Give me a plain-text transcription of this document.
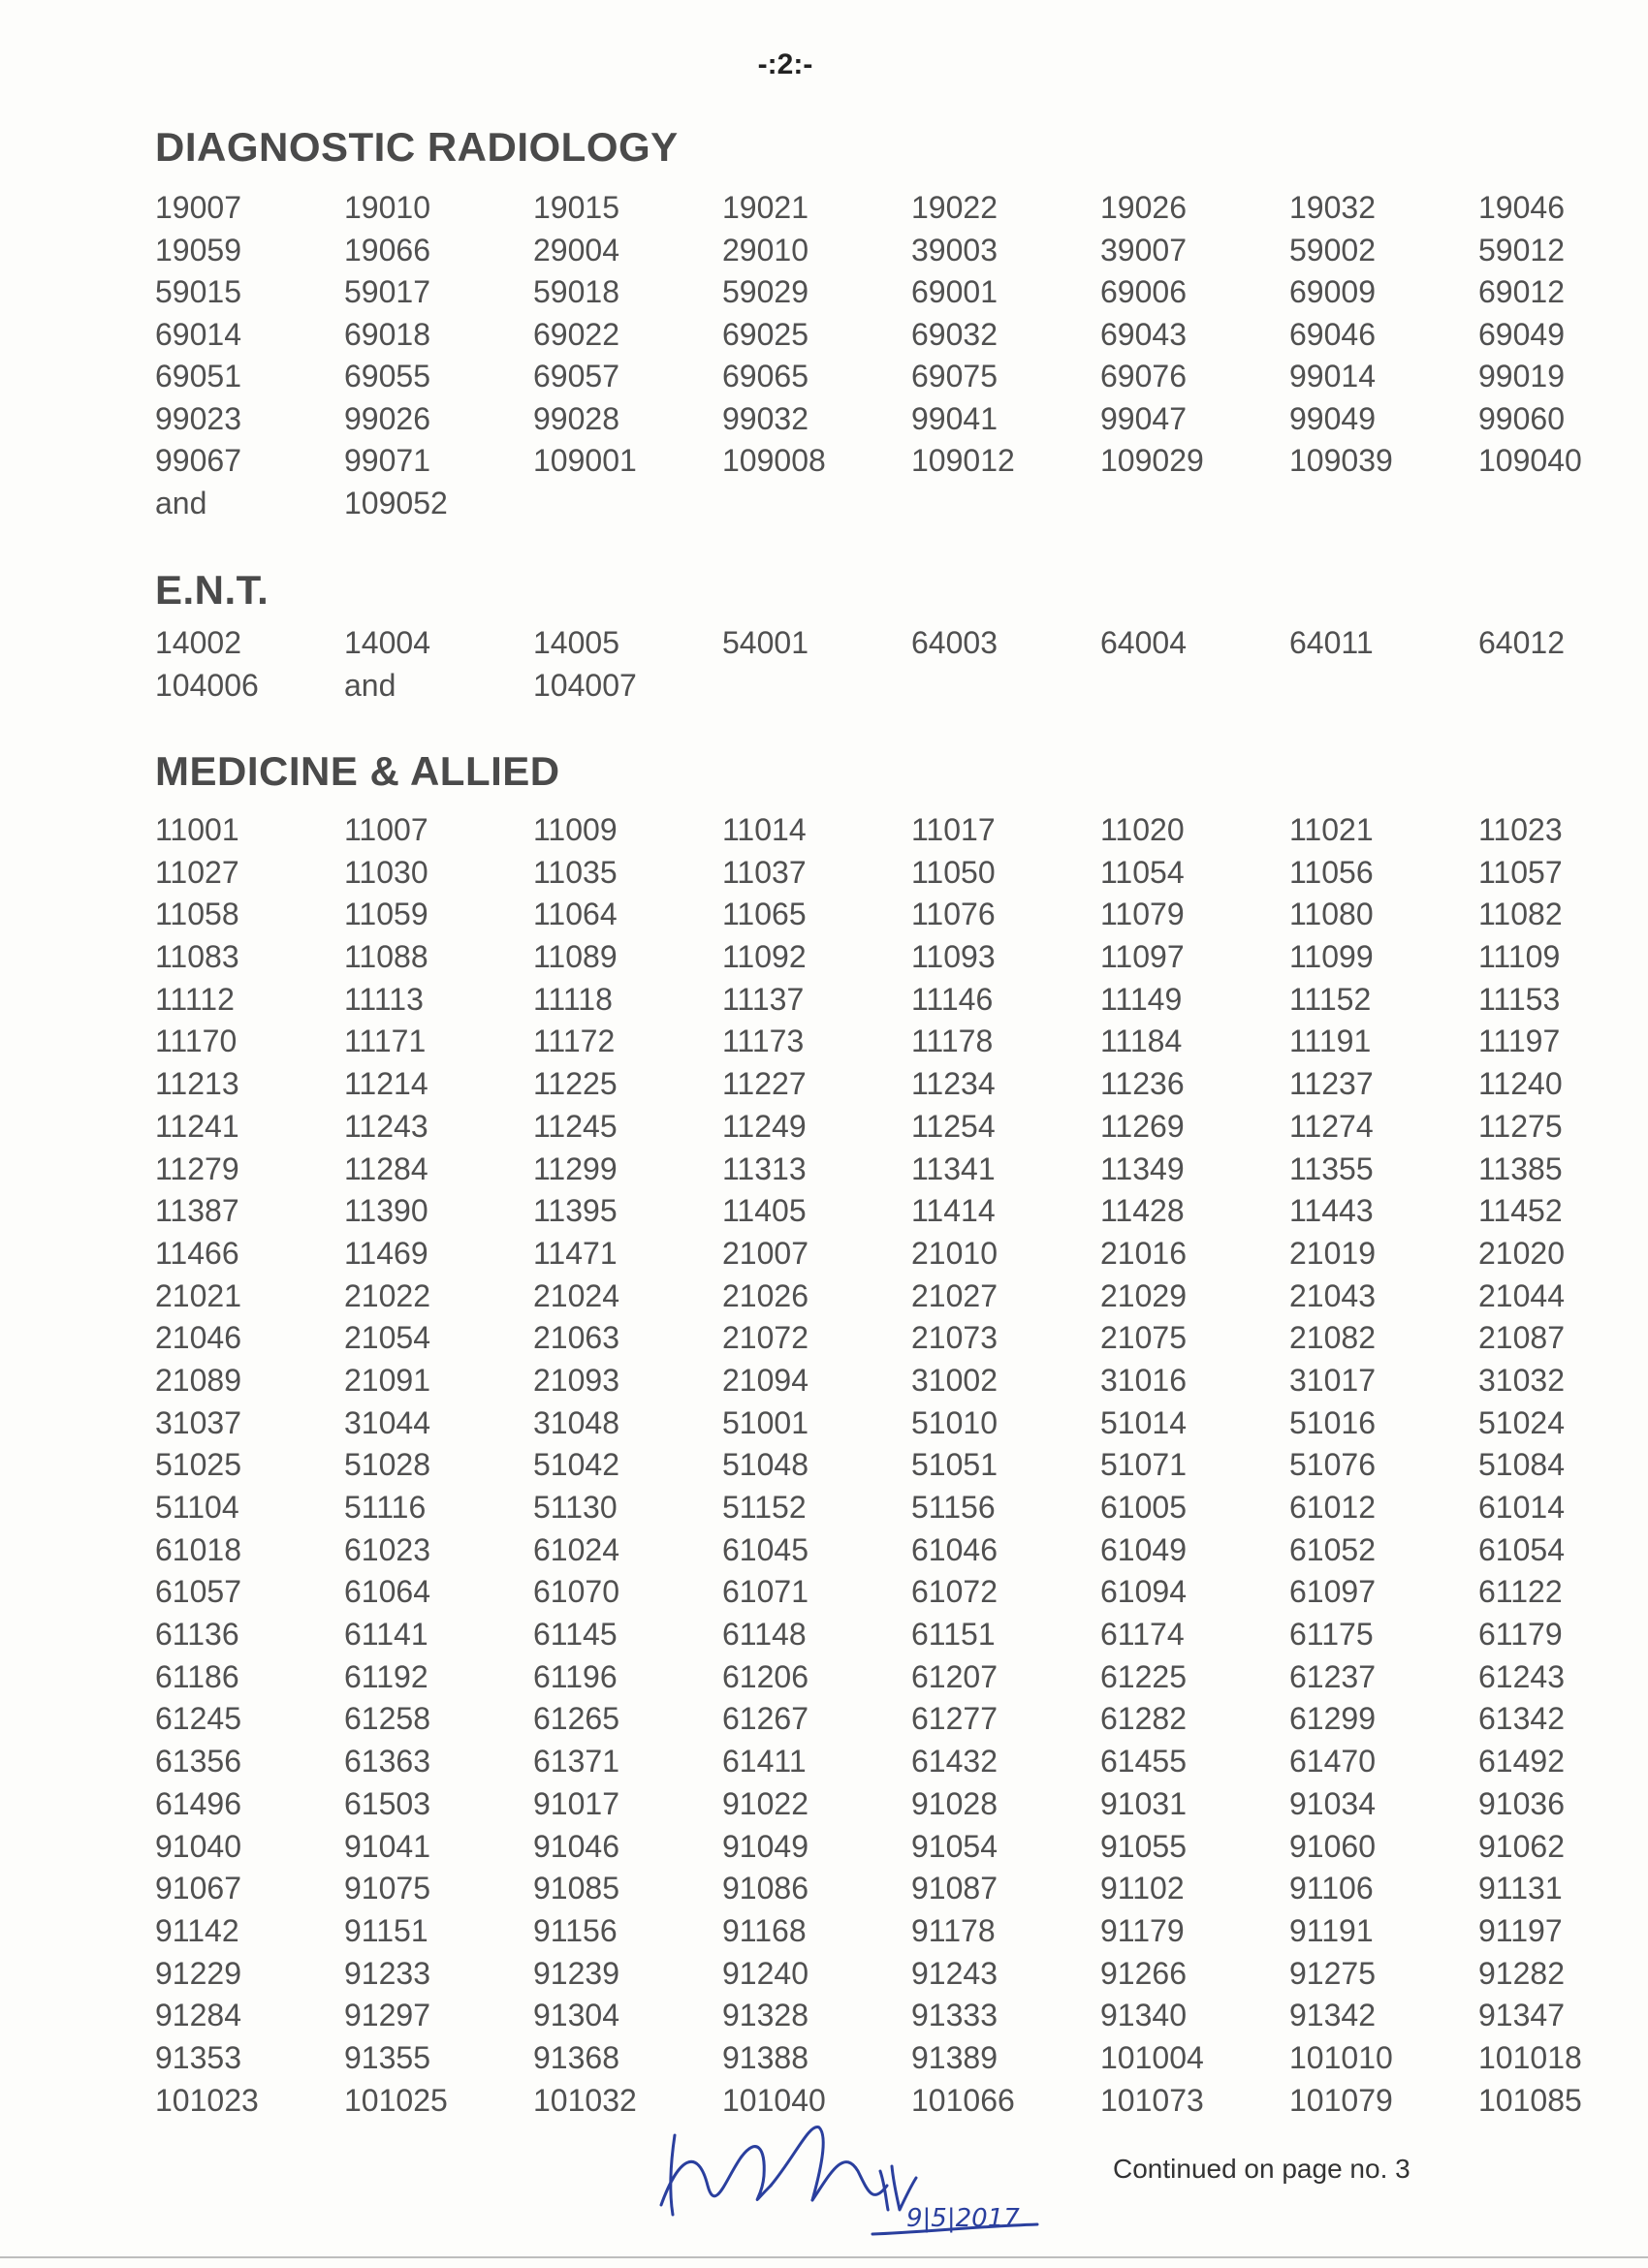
-:2:-
DIAGNOSTIC RADIOLOGY
19007	19010	19015	19021	19022	19026	19032	19046
19059	19066	29004	29010	39003	39007	59002	59012
59015	59017	59018	59029	69001	69006	69009	69012
69014	69018	69022	69025	69032	69043	69046	69049
69051	69055	69057	69065	69075	69076	99014	99019
99023	99026	99028	99032	99041	99047	99049	99060
99067	99071	109001	109008	109012	109029	109039	109040
and	109052
E.N.T.
14002	14004	14005	54001	64003	64004	64011	64012
104006	and	104007
MEDICINE & ALLIED
11001	11007	11009	11014	11017	11020	11021	11023
11027	11030	11035	11037	11050	11054	11056	11057
11058	11059	11064	11065	11076	11079	11080	11082
11083	11088	11089	11092	11093	11097	11099	11109
11112	11113	11118	11137	11146	11149	11152	11153
11170	11171	11172	11173	11178	11184	11191	11197
11213	11214	11225	11227	11234	11236	11237	11240
11241	11243	11245	11249	11254	11269	11274	11275
11279	11284	11299	11313	11341	11349	11355	11385
11387	11390	11395	11405	11414	11428	11443	11452
11466	11469	11471	21007	21010	21016	21019	21020
21021	21022	21024	21026	21027	21029	21043	21044
21046	21054	21063	21072	21073	21075	21082	21087
21089	21091	21093	21094	31002	31016	31017	31032
31037	31044	31048	51001	51010	51014	51016	51024
51025	51028	51042	51048	51051	51071	51076	51084
51104	51116	51130	51152	51156	61005	61012	61014
61018	61023	61024	61045	61046	61049	61052	61054
61057	61064	61070	61071	61072	61094	61097	61122
61136	61141	61145	61148	61151	61174	61175	61179
61186	61192	61196	61206	61207	61225	61237	61243
61245	61258	61265	61267	61277	61282	61299	61342
61356	61363	61371	61411	61432	61455	61470	61492
61496	61503	91017	91022	91028	91031	91034	91036
91040	91041	91046	91049	91054	91055	91060	91062
91067	91075	91085	91086	91087	91102	91106	91131
91142	91151	91156	91168	91178	91179	91191	91197
91229	91233	91239	91240	91243	91266	91275	91282
91284	91297	91304	91328	91333	91340	91342	91347
91353	91355	91368	91388	91389	101004	101010	101018
101023	101025	101032	101040	101066	101073	101079	101085
9|5|2017
Continued on page no. 3
